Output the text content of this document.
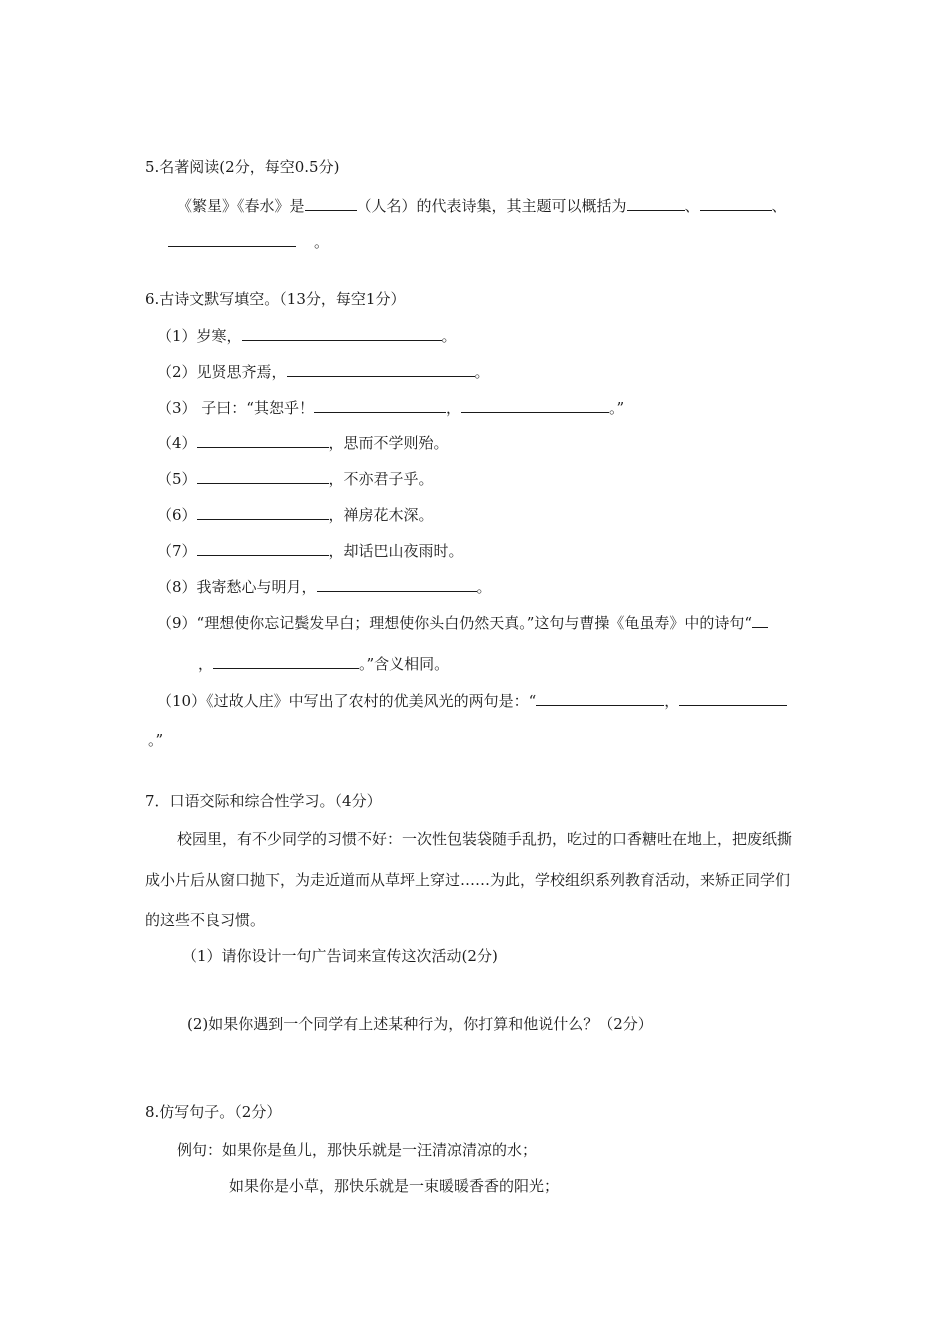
5.名著阅读(2分，每空0.5分)
《繁星》《春水》是	（人名）的代表诗集，其主题可以概括为	、	、
。
6.古诗文默写填空。（13分，每空1分）
（1）岁寒，	。
（2）见贤思齐焉，	。
（3） 子曰：“其恕乎！	，	。”
（4）	，思而不学则殆。
（5）	，不亦君子乎。
（6）	，禅房花木深。
（7）	，却话巴山夜雨时。
（8）我寄愁心与明月，	。
（9）“理想使你忘记鬓发早白；理想使你头白仍然天真。”这句与曹操《龟虽寿》中的诗句“
，	。”含义相同。
（10）《过故人庄》中写出了农村的优美风光的两句是：“	，
。”
7．口语交际和综合性学习。（4分）
校园里，有不少同学的习惯不好：一次性包装袋随手乱扔，吃过的口香糖吐在地上，把废纸撕
成小片后从窗口抛下，为走近道而从草坪上穿过……为此，学校组织系列教育活动，来矫正同学们
的这些不良习惯。
（1）请你设计一句广告词来宣传这次活动(2分)
(2)如果你遇到一个同学有上述某种行为，你打算和他说什么？（2分）
8.仿写句子。（2分）
例句：如果你是鱼儿，那快乐就是一汪清凉清凉的水；
如果你是小草，那快乐就是一束暖暖香香的阳光；
